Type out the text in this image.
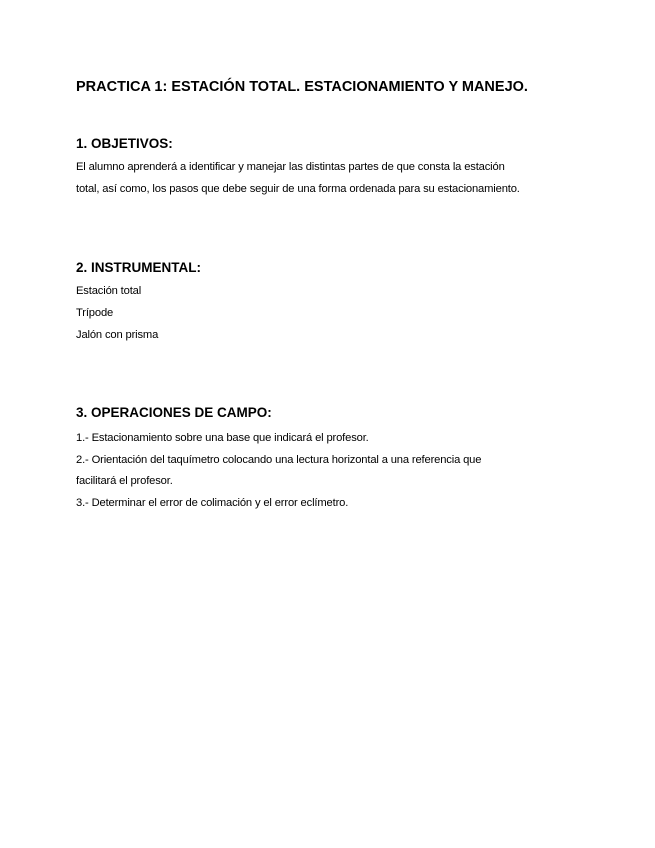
PRACTICA 1: ESTACIÓN TOTAL. ESTACIONAMIENTO Y MANEJO.
1. OBJETIVOS:
El alumno aprenderá a identificar y manejar las distintas partes de que consta la estación
total, así como, los pasos que debe seguir de una forma ordenada para su estacionamiento.
2. INSTRUMENTAL:
Estación total
Trípode
Jalón con prisma
3. OPERACIONES DE CAMPO:
1.- Estacionamiento sobre una base que indicará el profesor.
2.- Orientación del taquímetro colocando una lectura horizontal a una referencia que
facilitará el profesor.
3.- Determinar el error de colimación y el error eclímetro.
